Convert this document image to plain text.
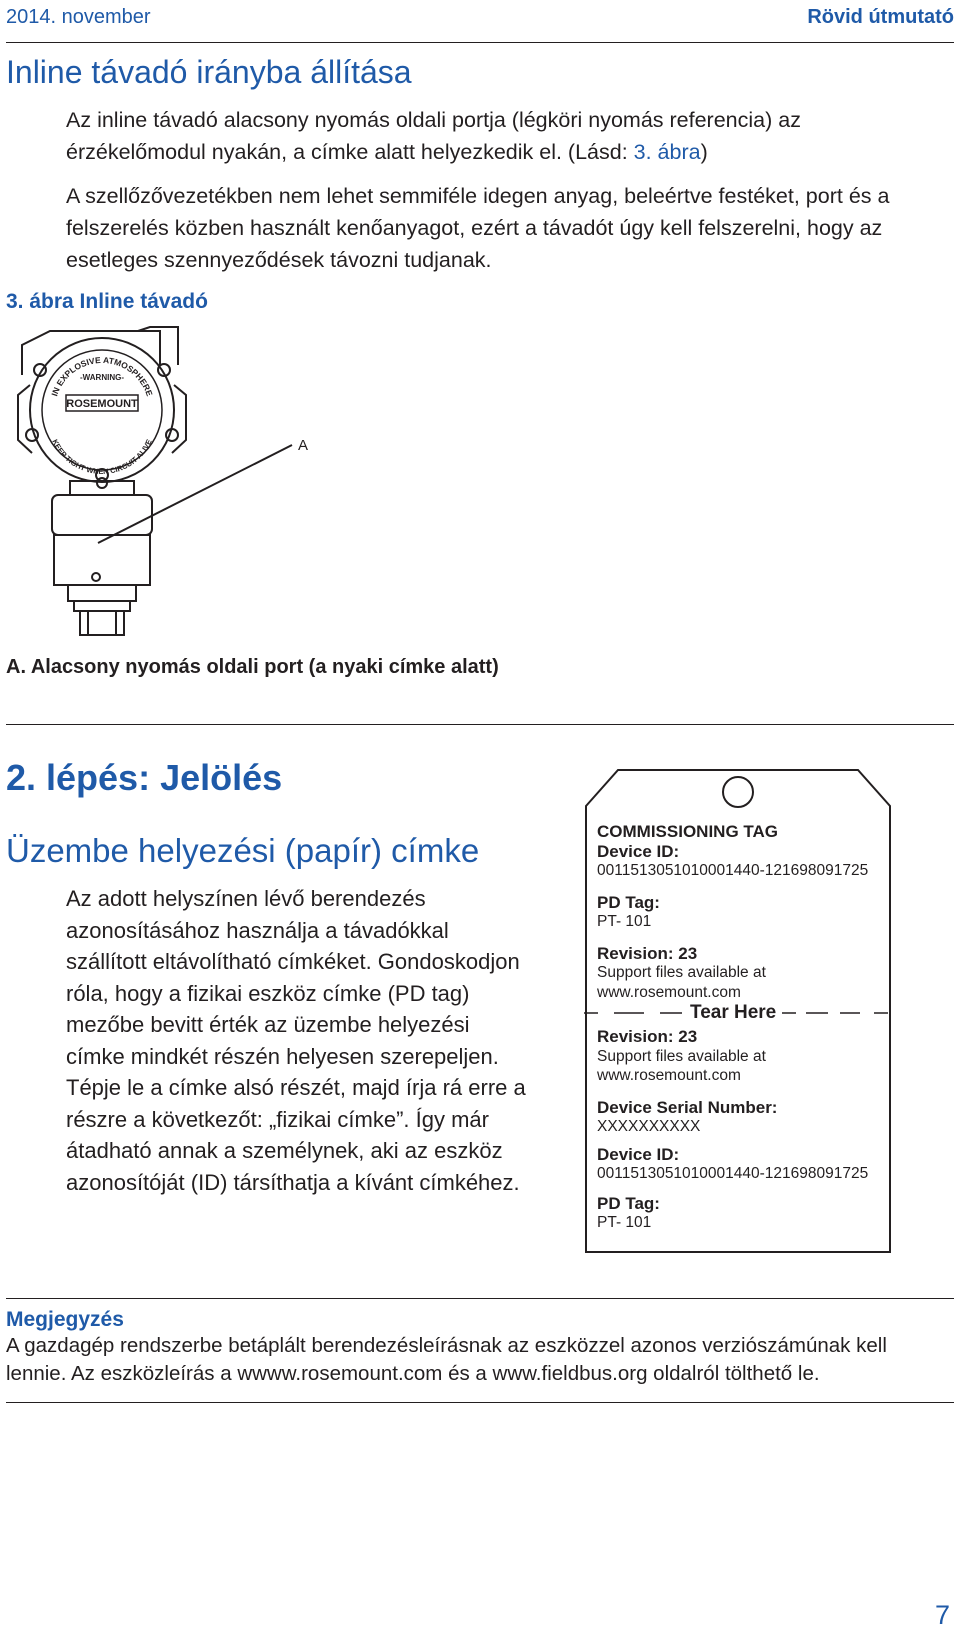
2014. november	Rövid útmutató
Inline távadó irányba állítása

Az inline távadó alacsony nyomás oldali portja (légköri nyomás referencia) az érzékelőmodul nyakán, a címke alatt helyezkedik el. (Lásd: 3. ábra)

A szellőzővezetékben nem lehet semmiféle idegen anyag, beleértve festéket, port és a felszerelés közben használt kenőanyagot, ezért a távadót úgy kell felszerelni, hogy az esetleges szennyeződések távozni tudjanak.

3. ábra Inline távadó
IN EXPLOSIVE ATMOSPHERE
-WARNING-
ROSEMOUNT
KEEP TIGHT WHEN CIRCUIT ALIVE	A
A. Alacsony nyomás oldali port (a nyaki címke alatt)
2. lépés: Jelölés
Üzembe helyezési (papír) címke
Az adott helyszínen lévő berendezés azonosításához használja a távadókkal szállított eltávolítható címkéket. Gondoskodjon róla, hogy a fizikai eszköz címke (PD tag) mezőbe bevitt érték az üzembe helyezési címke mindkét részén helyesen szerepeljen. Tépje le a címke alsó részét, majd írja rá erre a részre a következőt: „fizikai címke”. Így már átadható annak a személynek, aki az eszköz azonosítóját (ID) társíthatja a kívánt címkéhez.
COMMISSIONING TAG
Device ID:
0011513051010001440-121698091725
PD Tag:
PT- 101
Revision: 23
Support files available at
www.rosemount.com
Tear Here
Revision: 23
Support files available at
www.rosemount.com
Device Serial Number:
XXXXXXXXXX
Device ID:
0011513051010001440-121698091725
PD Tag:
PT- 101
Megjegyzés
A gazdagép rendszerbe betáplált berendezésleírásnak az eszközzel azonos verziószámúnak kell lennie. Az eszközleírás a wwww.rosemount.com és a www.fieldbus.org oldalról tölthető le.
7
